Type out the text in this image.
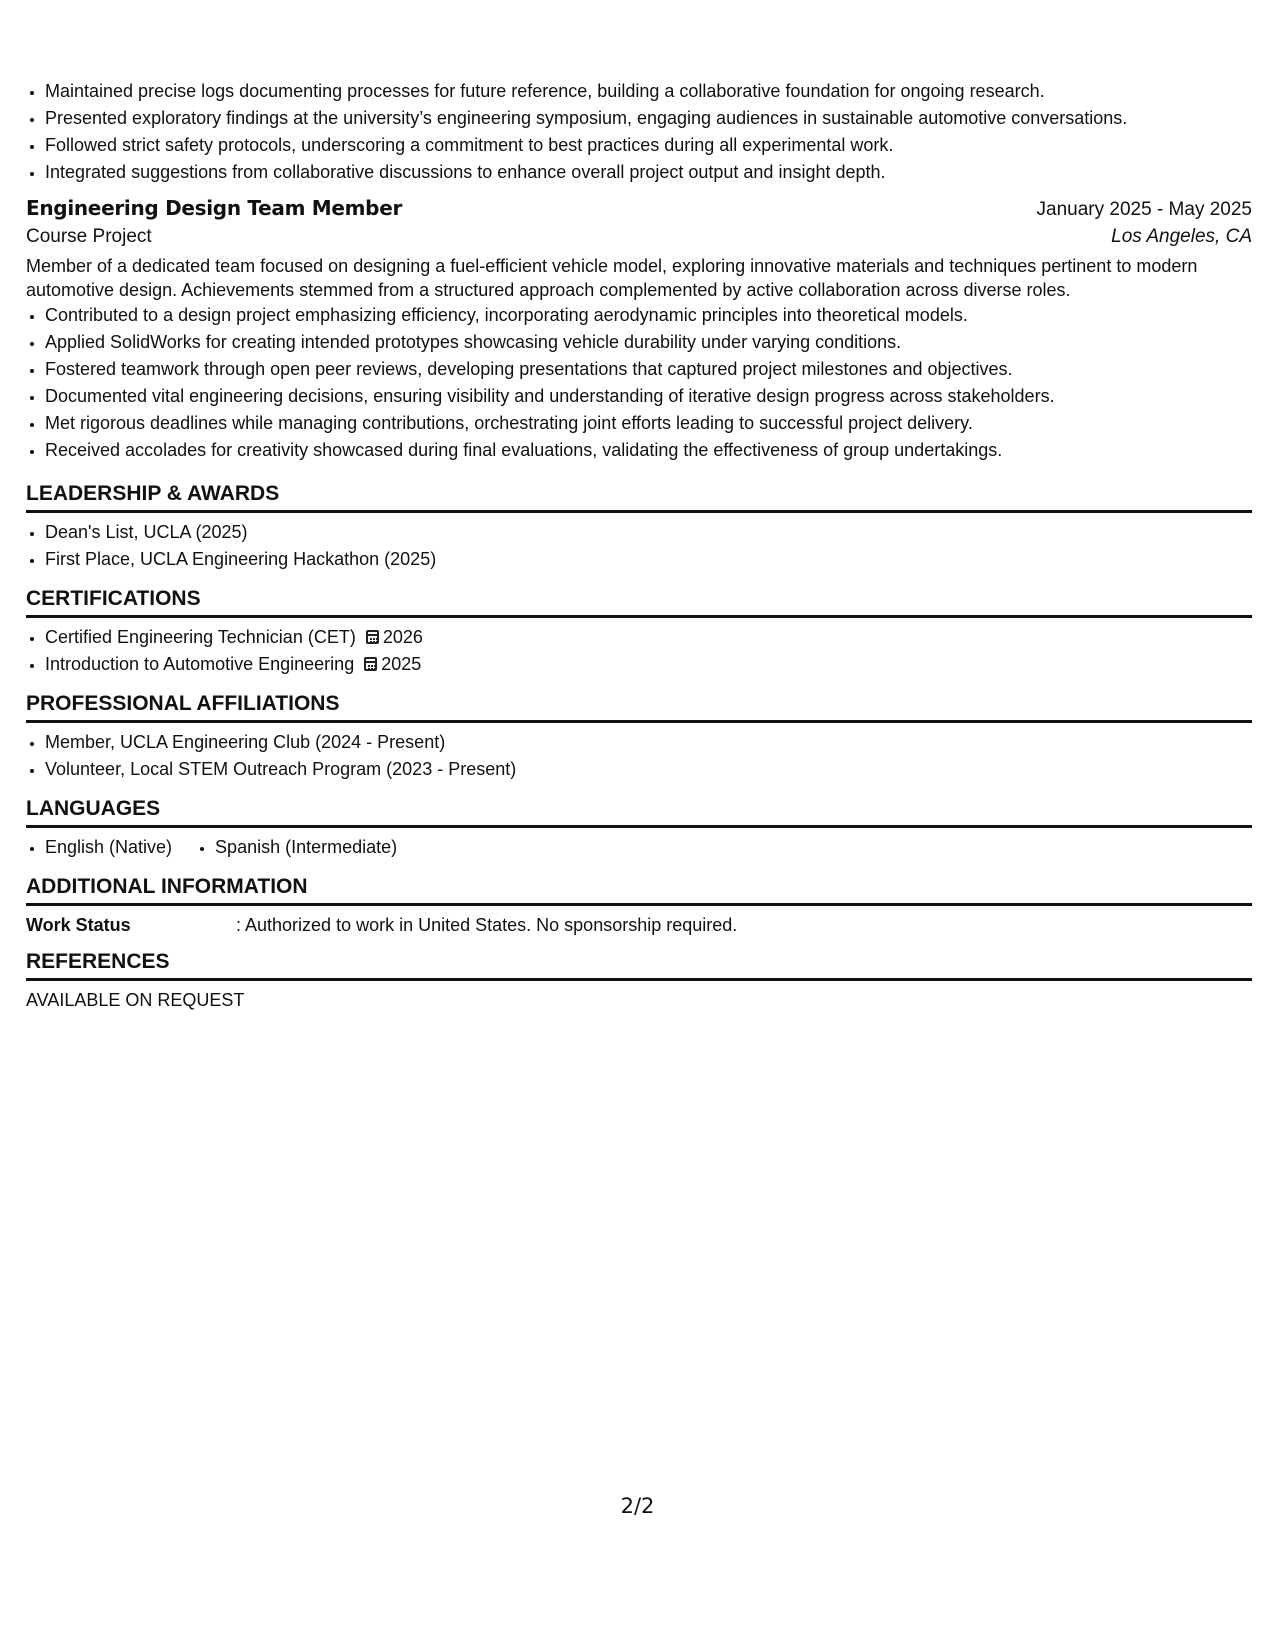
• Maintained precise logs documenting processes for future reference, building a collaborative foundation for ongoing research.
• Presented exploratory findings at the university’s engineering symposium, engaging audiences in sustainable automotive conversations.
• Followed strict safety protocols, underscoring a commitment to best practices during all experimental work.
• Integrated suggestions from collaborative discussions to enhance overall project output and insight depth.
Engineering Design Team Member	January 2025 - May 2025
Course Project	Los Angeles, CA

Member of a dedicated team focused on designing a fuel-efficient vehicle model, exploring innovative materials and techniques pertinent to modern automotive design. Achievements stemmed from a structured approach complemented by active collaboration across diverse roles.

• Contributed to a design project emphasizing efficiency, incorporating aerodynamic principles into theoretical models.
• Applied SolidWorks for creating intended prototypes showcasing vehicle durability under varying conditions.
• Fostered teamwork through open peer reviews, developing presentations that captured project milestones and objectives.
• Documented vital engineering decisions, ensuring visibility and understanding of iterative design progress across stakeholders.
• Met rigorous deadlines while managing contributions, orchestrating joint efforts leading to successful project delivery.
• Received accolades for creativity showcased during final evaluations, validating the effectiveness of group undertakings.
LEADERSHIP & AWARDS
• Dean's List, UCLA (2025)
• First Place, UCLA Engineering Hackathon (2025)
CERTIFICATIONS
• Certified Engineering Technician (CET) 2026
• Introduction to Automotive Engineering 2025
PROFESSIONAL AFFILIATIONS
• Member, UCLA Engineering Club (2024 - Present)
• Volunteer, Local STEM Outreach Program (2023 - Present)
LANGUAGES
• English (Native)
• Spanish (Intermediate)
ADDITIONAL INFORMATION
Work Status	: Authorized to work in United States. No sponsorship required.
REFERENCES
AVAILABLE ON REQUEST
2/2
